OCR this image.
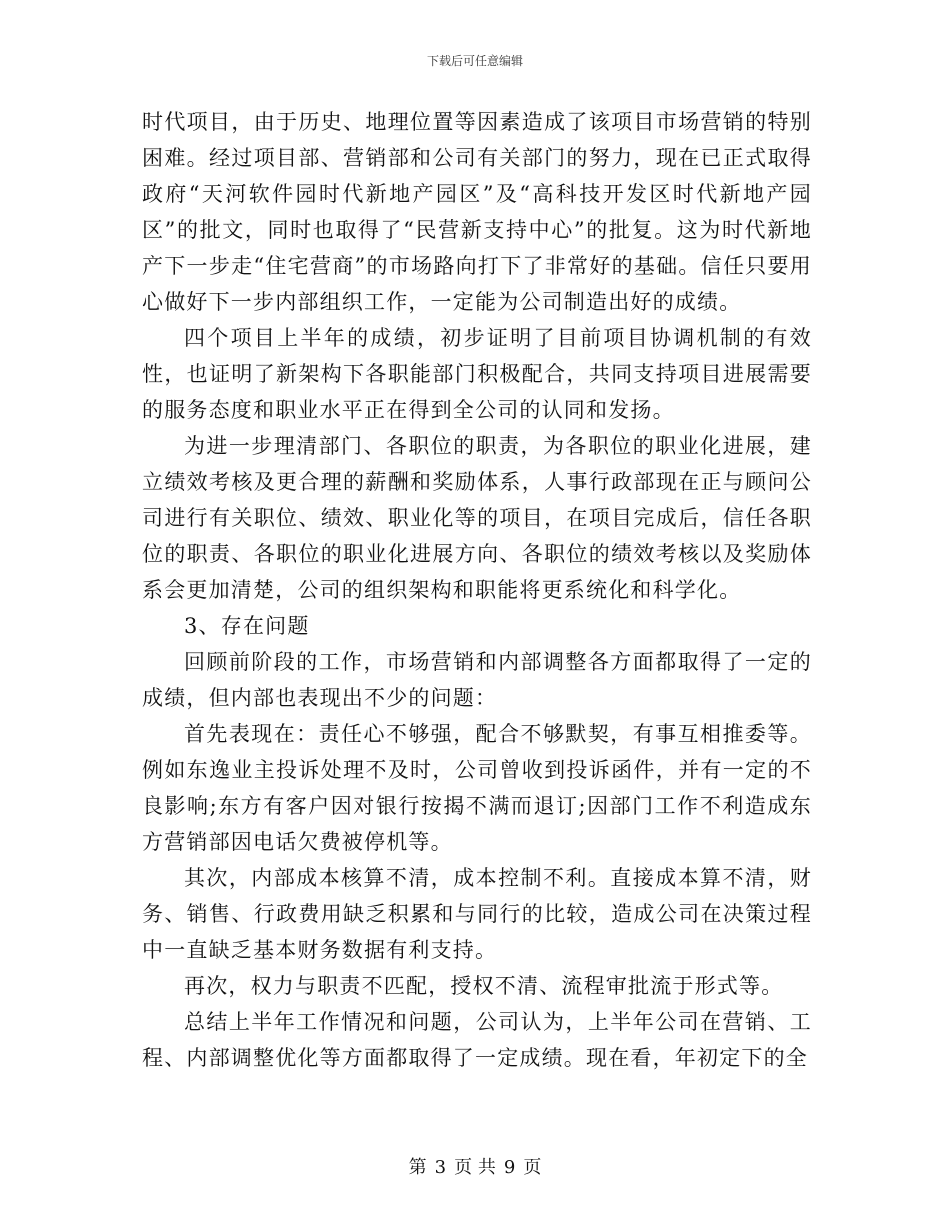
下载后可任意编辑

时代项目，由于历史、地理位置等因素造成了该项目市场营销的特别困难。经过项目部、营销部和公司有关部门的努力，现在已正式取得政府“天河软件园时代新地产园区”及“高科技开发区时代新地产园区”的批文，同时也取得了“民营新支持中心”的批复。这为时代新地产下一步走“住宅营商”的市场路向打下了非常好的基础。信任只要用心做好下一步内部组织工作，一定能为公司制造出好的成绩。

四个项目上半年的成绩，初步证明了目前项目协调机制的有效性，也证明了新架构下各职能部门积极配合，共同支持项目进展需要的服务态度和职业水平正在得到全公司的认同和发扬。

为进一步理清部门、各职位的职责，为各职位的职业化进展，建立绩效考核及更合理的薪酬和奖励体系，人事行政部现在正与顾问公司进行有关职位、绩效、职业化等的项目，在项目完成后，信任各职位的职责、各职位的职业化进展方向、各职位的绩效考核以及奖励体系会更加清楚，公司的组织架构和职能将更系统化和科学化。

3、存在问题

回顾前阶段的工作，市场营销和内部调整各方面都取得了一定的成绩，但内部也表现出不少的问题：

首先表现在：责任心不够强，配合不够默契，有事互相推委等。例如东逸业主投诉处理不及时，公司曾收到投诉函件，并有一定的不良影响;东方有客户因对银行按揭不满而退订;因部门工作不利造成东方营销部因电话欠费被停机等。

其次，内部成本核算不清，成本控制不利。直接成本算不清，财务、销售、行政费用缺乏积累和与同行的比较，造成公司在决策过程中一直缺乏基本财务数据有利支持。

再次，权力与职责不匹配，授权不清、流程审批流于形式等。

总结上半年工作情况和问题，公司认为，上半年公司在营销、工程、内部调整优化等方面都取得了一定成绩。现在看，年初定下的全

第 3 页 共 9 页
